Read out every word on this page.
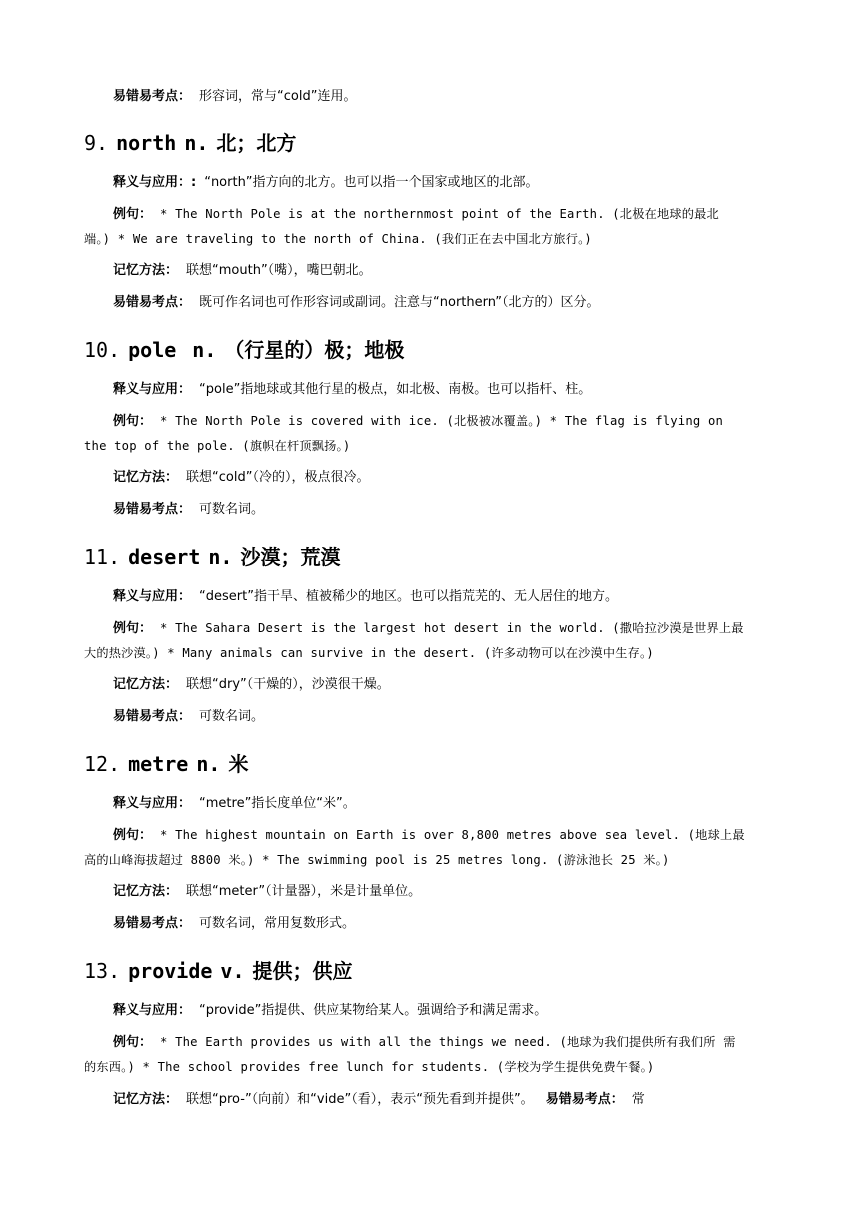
易错易考点： 形容词，常与“cold”连用。
9. north n. 北；北方
释义与应用：: “north”指方向的北方。也可以指一个国家或地区的北部。
例句： * The North Pole is at the northernmost point of the Earth. (北极在地球的最北
端。) * We are traveling to the north of China. (我们正在去中国北方旅行。)
记忆方法： 联想“mouth”（嘴），嘴巴朝北。
易错易考点： 既可作名词也可作形容词或副词。注意与“northern”（北方的）区分。
10. pole n. （行星的）极；地极
释义与应用： “pole”指地球或其他行星的极点，如北极、南极。也可以指杆、柱。
例句： * The North Pole is covered with ice. (北极被冰覆盖。) * The flag is flying on
the top of the pole. (旗帜在杆顶飘扬。)
记忆方法： 联想“cold”（冷的），极点很冷。
易错易考点： 可数名词。
11. desert n. 沙漠；荒漠
释义与应用： “desert”指干旱、植被稀少的地区。也可以指荒芜的、无人居住的地方。
例句： * The Sahara Desert is the largest hot desert in the world. (撒哈拉沙漠是世界上最
大的热沙漠。) * Many animals can survive in the desert. (许多动物可以在沙漠中生存。)
记忆方法： 联想“dry”（干燥的），沙漠很干燥。
易错易考点： 可数名词。
12. metre n. 米
释义与应用： “metre”指长度单位“米”。
例句： * The highest mountain on Earth is over 8,800 metres above sea level. (地球上最
高的山峰海拔超过 8800 米。) * The swimming pool is 25 metres long. (游泳池长 25 米。)
记忆方法： 联想“meter”（计量器），米是计量单位。
易错易考点： 可数名词，常用复数形式。
13. provide v. 提供；供应
释义与应用： “provide”指提供、供应某物给某人。强调给予和满足需求。
例句： * The Earth provides us with all the things we need. (地球为我们提供所有我们所 需
的东西。) * The school provides free lunch for students. (学校为学生提供免费午餐。)
记忆方法： 联想“pro-”（向前）和“vide”（看），表示“预先看到并提供”。 易错易考点： 常
